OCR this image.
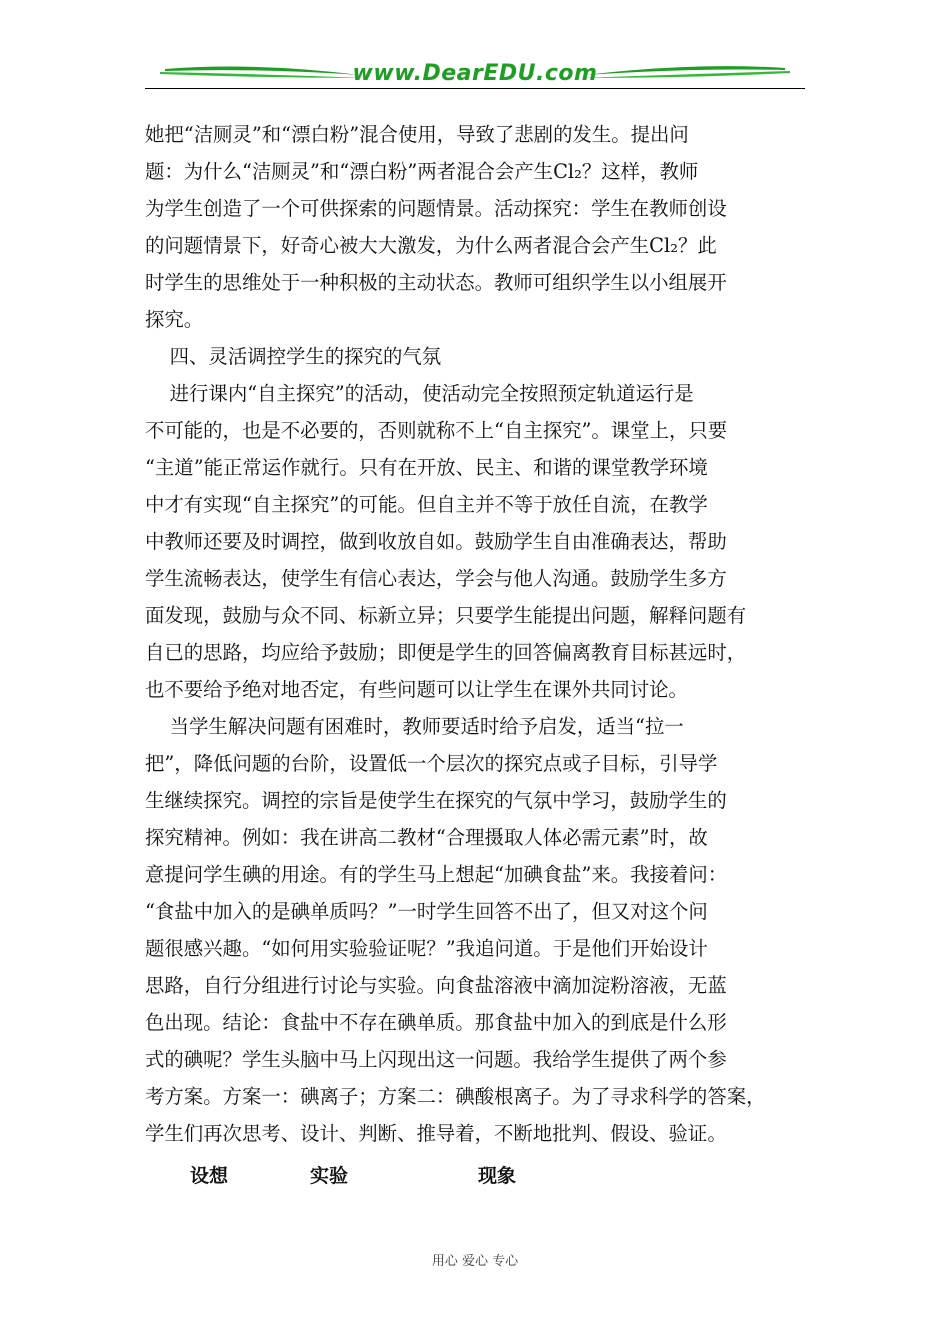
www.DearEDU.com
她把“洁厕灵”和“漂白粉”混合使用，导致了悲剧的发生。提出问
题：为什么“洁厕灵”和“漂白粉”两者混合会产生Cl₂？这样，教师
为学生创造了一个可供探索的问题情景。活动探究：学生在教师创设
的问题情景下，好奇心被大大激发，为什么两者混合会产生Cl₂？此
时学生的思维处于一种积极的主动状态。教师可组织学生以小组展开
探究。
四、灵活调控学生的探究的气氛
进行课内“自主探究”的活动，使活动完全按照预定轨道运行是
不可能的，也是不必要的，否则就称不上“自主探究”。课堂上，只要
“主道”能正常运作就行。只有在开放、民主、和谐的课堂教学环境
中才有实现“自主探究”的可能。但自主并不等于放任自流，在教学
中教师还要及时调控，做到收放自如。鼓励学生自由准确表达，帮助
学生流畅表达，使学生有信心表达，学会与他人沟通。鼓励学生多方
面发现，鼓励与众不同、标新立异；只要学生能提出问题，解释问题有
自已的思路，均应给予鼓励；即便是学生的回答偏离教育目标甚远时，
也不要给予绝对地否定，有些问题可以让学生在课外共同讨论。
当学生解决问题有困难时，教师要适时给予启发，适当“拉一
把”，降低问题的台阶，设置低一个层次的探究点或子目标，引导学
生继续探究。调控的宗旨是使学生在探究的气氛中学习，鼓励学生的
探究精神。例如：我在讲高二教材“合理摄取人体必需元素”时，故
意提问学生碘的用途。有的学生马上想起“加碘食盐”来。我接着问：
“食盐中加入的是碘单质吗？”一时学生回答不出了，但又对这个问
题很感兴趣。“如何用实验验证呢？”我追问道。于是他们开始设计
思路，自行分组进行讨论与实验。向食盐溶液中滴加淀粉溶液，无蓝
色出现。结论：食盐中不存在碘单质。那食盐中加入的到底是什么形
式的碘呢？学生头脑中马上闪现出这一问题。我给学生提供了两个参
考方案。方案一：碘离子；方案二：碘酸根离子。为了寻求科学的答案，
学生们再次思考、设计、判断、推导着，不断地批判、假设、验证。
设想	实验	现象
用心 爱心 专心
